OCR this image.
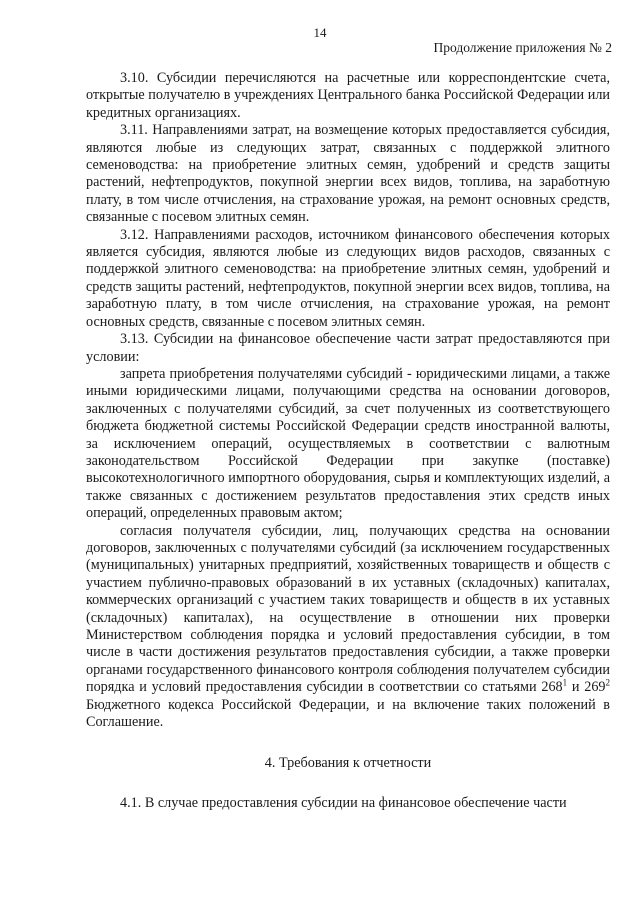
14
Продолжение приложения № 2

3.10. Субсидии перечисляются на расчетные или корреспондентские счета, открытые получателю в учреждениях Центрального банка Российской Федерации или кредитных организациях.

3.11. Направлениями затрат, на возмещение которых предоставляется субсидия, являются любые из следующих затрат, связанных с поддержкой элитного семеноводства: на приобретение элитных семян, удобрений и средств защиты растений, нефтепродуктов, покупной энергии всех видов, топлива, на заработную плату, в том числе отчисления, на страхование урожая, на ремонт основных средств, связанные с посевом элитных семян.

3.12. Направлениями расходов, источником финансового обеспечения которых является субсидия, являются любые из следующих видов расходов, связанных с поддержкой элитного семеноводства: на приобретение элитных семян, удобрений и средств защиты растений, нефтепродуктов, покупной энергии всех видов, топлива, на заработную плату, в том числе отчисления, на страхование урожая, на ремонт основных средств, связанные с посевом элитных семян.

3.13. Субсидии на финансовое обеспечение части затрат предоставляются при условии:

запрета приобретения получателями субсидий - юридическими лицами, а также иными юридическими лицами, получающими средства на основании договоров, заключенных с получателями субсидий, за счет полученных из соответствующего бюджета бюджетной системы Российской Федерации средств иностранной валюты, за исключением операций, осуществляемых в соответствии с валютным законодательством Российской Федерации при закупке (поставке) высокотехнологичного импортного оборудования, сырья и комплектующих изделий, а также связанных с достижением результатов предоставления этих средств иных операций, определенных правовым актом;

согласия получателя субсидии, лиц, получающих средства на основании договоров, заключенных с получателями субсидий (за исключением государственных (муниципальных) унитарных предприятий, хозяйственных товариществ и обществ с участием публично-правовых образований в их уставных (складочных) капиталах, коммерческих организаций с участием таких товариществ и обществ в их уставных (складочных) капиталах), на осуществление в отношении них проверки Министерством соблюдения порядка и условий предоставления субсидии, в том числе в части достижения результатов предоставления субсидии, а также проверки органами государственного финансового контроля соблюдения получателем субсидии порядка и условий предоставления субсидии в соответствии со статьями $268^1$ и $269^2$ Бюджетного кодекса Российской Федерации, и на включение таких положений в Соглашение.

4. Требования к отчетности

4.1. В случае предоставления субсидии на финансовое обеспечение части
